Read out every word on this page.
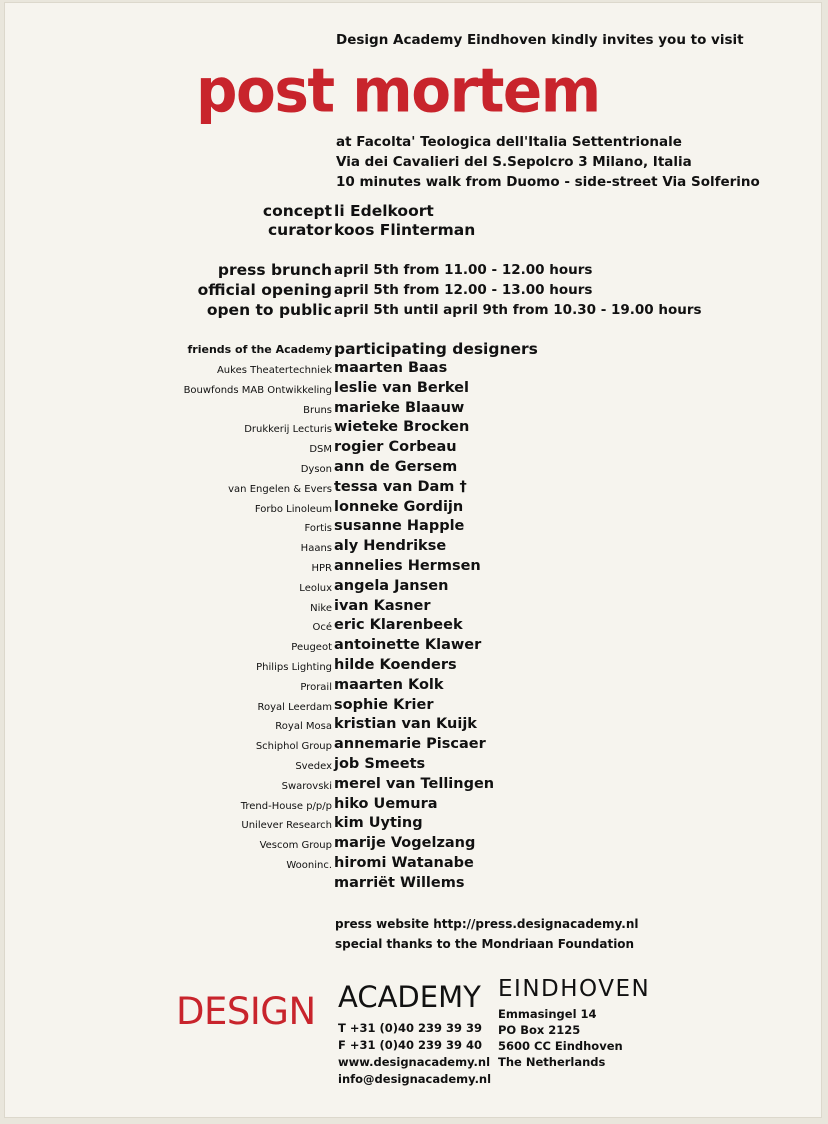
Design Academy Eindhoven kindly invites you to visit
post mortem
at Facolta' Teologica dell'Italia Settentrionale
Via dei Cavalieri del S.Sepolcro 3 Milano, Italia
10 minutes walk from Duomo - side-street Via Solferino
concept li Edelkoort
curator koos Flinterman
press brunch april 5th from 11.00 - 12.00 hours
official opening april 5th from 12.00 - 13.00 hours
open to public april 5th until april 9th from 10.30 - 19.00 hours
friends of the Academy participating designers
Aukes Theatertechniek maarten Baas
Bouwfonds MAB Ontwikkeling leslie van Berkel
Bruns marieke Blaauw
Drukkerij Lecturis wieteke Brocken
DSM rogier Corbeau
Dyson ann de Gersem
van Engelen & Evers tessa van Dam †
Forbo Linoleum lonneke Gordijn
Fortis susanne Happle
Haans aly Hendrikse
HPR annelies Hermsen
Leolux angela Jansen
Nike ivan Kasner
Océ eric Klarenbeek
Peugeot antoinette Klawer
Philips Lighting hilde Koenders
Prorail maarten Kolk
Royal Leerdam sophie Krier
Royal Mosa kristian van Kuijk
Schiphol Group annemarie Piscaer
Svedex job Smeets
Swarovski merel van Tellingen
Trend-House p/p/p hiko Uemura
Unilever Research kim Uyting
Vescom Group marije Vogelzang
Wooninc. hiromi Watanabe
marriët Willems
press website http://press.designacademy.nl
special thanks to the Mondriaan Foundation
DESIGN ACADEMY EINDHOVEN
T +31 (0)40 239 39 39
F +31 (0)40 239 39 40
www.designacademy.nl
info@designacademy.nl
Emmasingel 14
PO Box 2125
5600 CC Eindhoven
The Netherlands
